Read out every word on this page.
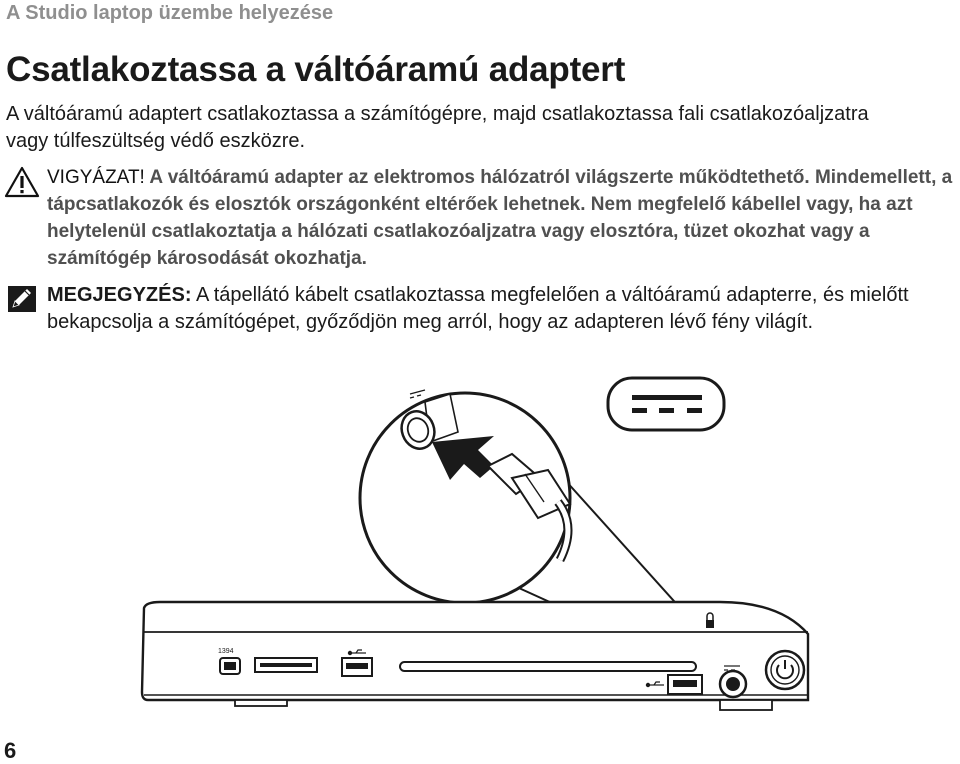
A Studio laptop üzembe helyezése
Csatlakoztassa a váltóáramú adaptert

A váltóáramú adaptert csatlakoztassa a számítógépre, majd csatlakoztassa fali csatlakozóaljzatra vagy túlfeszültség védő eszközre.

VIGYÁZAT! A váltóáramú adapter az elektromos hálózatról világszerte működtethető. Mindemellett, a tápcsatlakozók és elosztók országonként eltérőek lehetnek. Nem megfelelő kábellel vagy, ha azt helytelenül csatlakoztatja a hálózati csatlakozóaljzatra vagy elosztóra, tüzet okozhat vagy a számítógép károsodását okozhatja.

MEGJEGYZÉS: A tápellátó kábelt csatlakoztassa megfelelően a váltóáramú adapterre, és mielőtt bekapcsolja a számítógépet, győződjön meg arról, hogy az adapteren lévő fény világít.

1394
6
